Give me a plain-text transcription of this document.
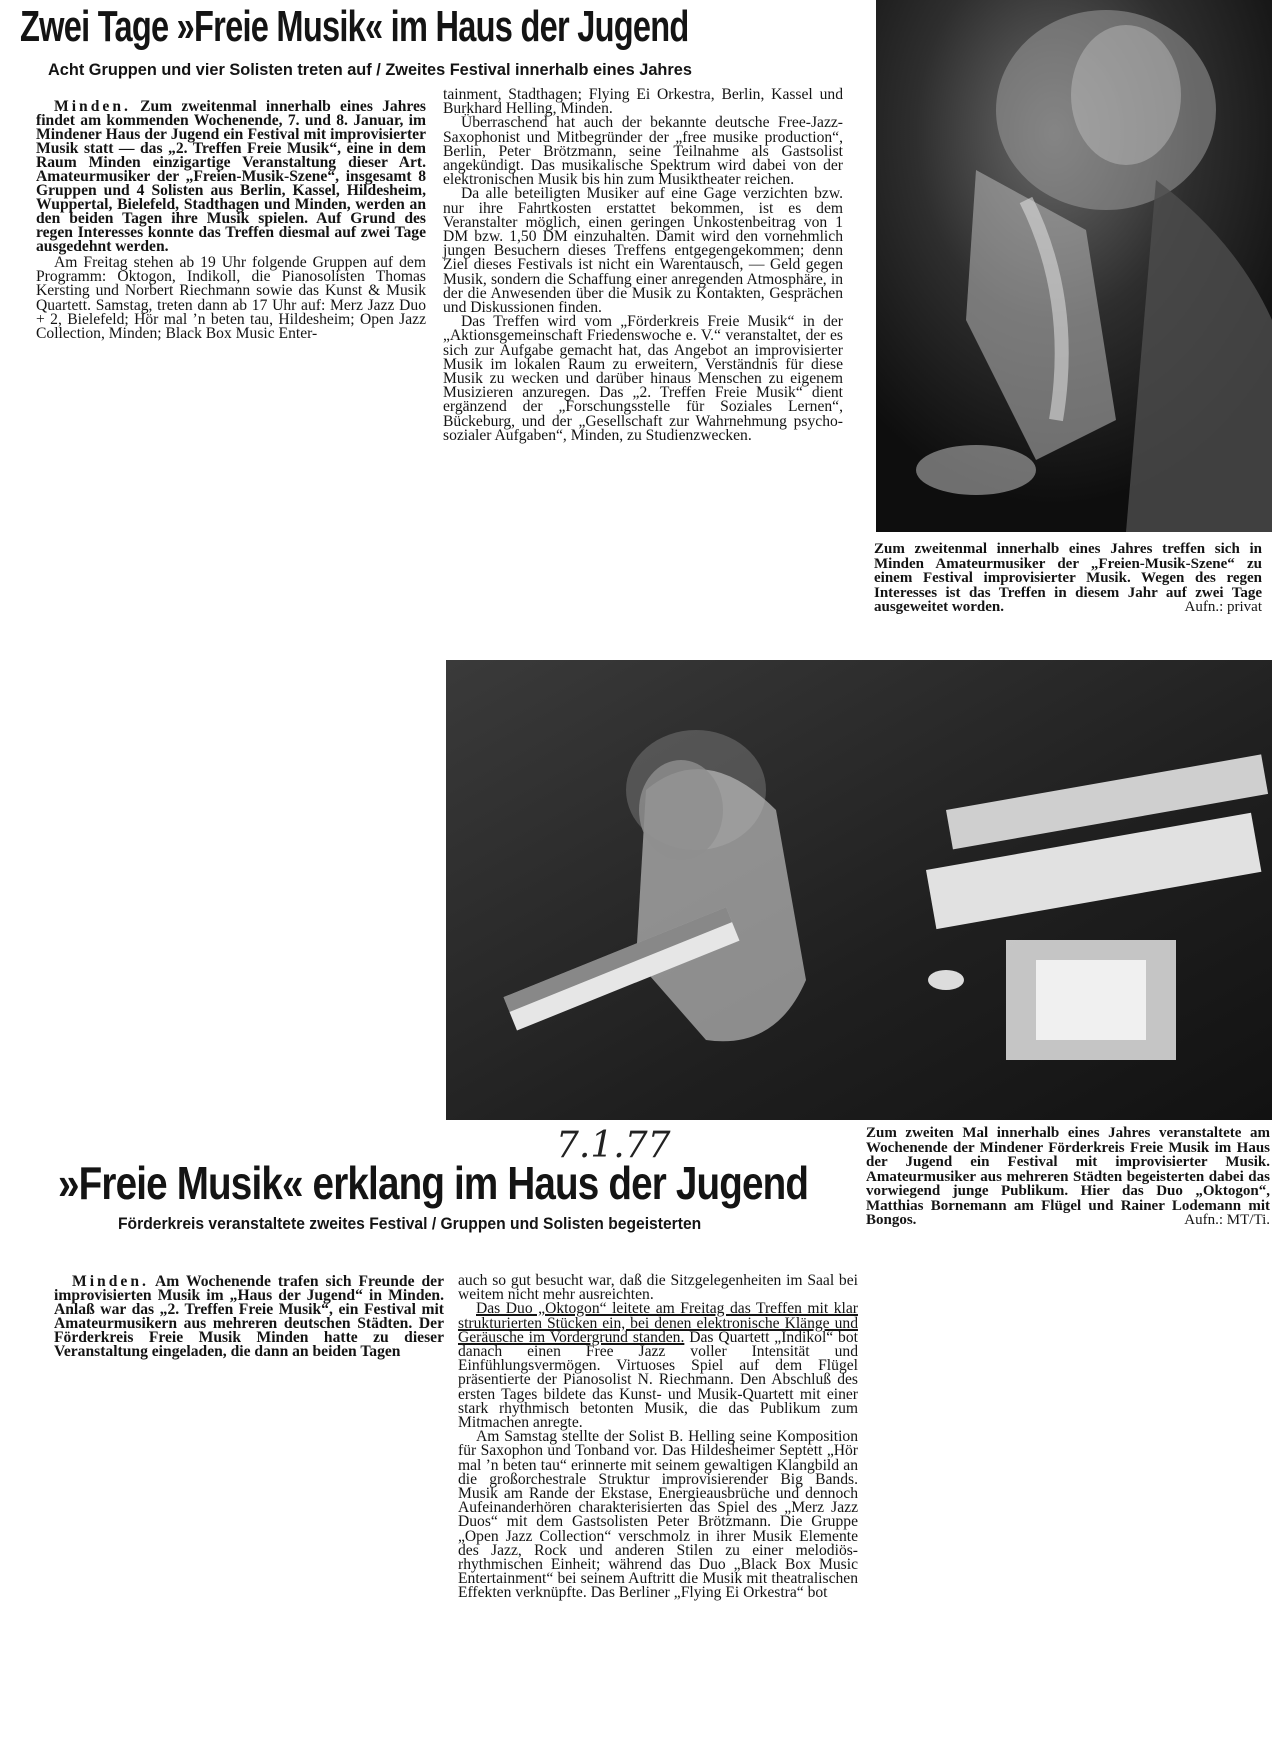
Zwei Tage »Freie Musik« im Haus der Jugend
Acht Gruppen und vier Solisten treten auf / Zweites Festival innerhalb eines Jahres

Minden. Zum zweitenmal innerhalb eines Jahres findet am kommenden Wochenende, 7. und 8. Januar, im Mindener Haus der Jugend ein Festival mit improvisierter Musik statt — das „2. Treffen Freie Musik“, eine in dem Raum Minden einzigartige Veranstaltung dieser Art. Amateurmusiker der „Freien-Musik-Szene“, insgesamt 8 Gruppen und 4 Solisten aus Berlin, Kassel, Hildesheim, Wuppertal, Bielefeld, Stadthagen und Minden, werden an den beiden Tagen ihre Musik spielen. Auf Grund des regen Interesses konnte das Treffen diesmal auf zwei Tage ausgedehnt werden.

Am Freitag stehen ab 19 Uhr folgende Gruppen auf dem Programm: Oktogon, Indikoll, die Pianosolisten Thomas Kersting und Norbert Riechmann sowie das Kunst & Musik Quartett. Samstag, treten dann ab 17 Uhr auf: Merz Jazz Duo + 2, Bielefeld; Hör mal ’n beten tau, Hildesheim; Open Jazz Collection, Minden; Black Box Music Enter-

tainment, Stadthagen; Flying Ei Orkestra, Berlin, Kassel und Burkhard Helling, Minden.

Überraschend hat auch der bekannte deutsche Free-Jazz-Saxophonist und Mitbegründer der „free musike production“, Berlin, Peter Brötzmann, seine Teilnahme als Gastsolist angekündigt. Das musikalische Spektrum wird dabei von der elektronischen Musik bis hin zum Musiktheater reichen.

Da alle beteiligten Musiker auf eine Gage verzichten bzw. nur ihre Fahrtkosten erstattet bekommen, ist es dem Veranstalter möglich, einen geringen Unkostenbeitrag von 1 DM bzw. 1,50 DM einzuhalten. Damit wird den vornehmlich jungen Besuchern dieses Treffens entgegengekommen; denn Ziel dieses Festivals ist nicht ein Warentausch, — Geld gegen Musik, sondern die Schaffung einer anregenden Atmosphäre, in der die Anwesenden über die Musik zu Kontakten, Gesprächen und Diskussionen finden.

Das Treffen wird vom „Förderkreis Freie Musik“ in der „Aktionsgemeinschaft Friedenswoche e. V.“ veranstaltet, der es sich zur Aufgabe gemacht hat, das Angebot an improvisierter Musik im lokalen Raum zu erweitern, Verständnis für diese Musik zu wecken und darüber hinaus Menschen zu eigenem Musizieren anzuregen. Das „2. Treffen Freie Musik“ dient ergänzend der „Forschungsstelle für Soziales Lernen“, Bückeburg, und der „Gesellschaft zur Wahrnehmung psycho-sozialer Aufgaben“, Minden, zu Studienzwecken.

Zum zweitenmal innerhalb eines Jahres treffen sich in Minden Amateurmusiker der „Freien-Musik-Szene“ zu einem Festival improvisierter Musik. Wegen des regen Interesses ist das Treffen in diesem Jahr auf zwei Tage ausgeweitet worden.	Aufn.: privat
Zum zweiten Mal innerhalb eines Jahres veranstaltete am Wochenende der Mindener Förderkreis Freie Musik im Haus der Jugend ein Festival mit improvisierter Musik. Amateurmusiker aus mehreren Städten begeisterten dabei das vorwiegend junge Publikum. Hier das Duo „Oktogon“, Matthias Bornemann am Flügel und Rainer Lodemann mit Bongos.	Aufn.: MT/Ti.
7.1.77
»Freie Musik« erklang im Haus der Jugend
Förderkreis veranstaltete zweites Festival / Gruppen und Solisten begeisterten

Minden. Am Wochenende trafen sich Freunde der improvisierten Musik im „Haus der Jugend“ in Minden. Anlaß war das „2. Treffen Freie Musik“, ein Festival mit Amateurmusikern aus mehreren deutschen Städten. Der Förderkreis Freie Musik Minden hatte zu dieser Veranstaltung eingeladen, die dann an beiden Tagen

auch so gut besucht war, daß die Sitzgelegenheiten im Saal bei weitem nicht mehr ausreichten.

Das Duo „Oktogon“ leitete am Freitag das Treffen mit klar strukturierten Stücken ein, bei denen elektronische Klänge und Geräusche im Vordergrund standen. Das Quartett „Indikol“ bot danach einen Free Jazz voller Intensität und Einfühlungsvermögen. Virtuoses Spiel auf dem Flügel präsentierte der Pianosolist N. Riechmann. Den Abschluß des ersten Tages bildete das Kunst- und Musik-Quartett mit einer stark rhythmisch betonten Musik, die das Publikum zum Mitmachen anregte.

Am Samstag stellte der Solist B. Helling seine Komposition für Saxophon und Tonband vor. Das Hildesheimer Septett „Hör mal ’n beten tau“ erinnerte mit seinem gewaltigen Klangbild an die großorchestrale Struktur improvisierender Big Bands. Musik am Rande der Ekstase, Energieausbrüche und dennoch Aufeinanderhören charakterisierten das Spiel des „Merz Jazz Duos“ mit dem Gastsolisten Peter Brötzmann. Die Gruppe „Open Jazz Collection“ verschmolz in ihrer Musik Elemente des Jazz, Rock und anderen Stilen zu einer melodiös-rhythmischen Einheit; während das Duo „Black Box Music Entertainment“ bei seinem Auftritt die Musik mit theatralischen Effekten verknüpfte. Das Berliner „Flying Ei Orkestra“ bot
